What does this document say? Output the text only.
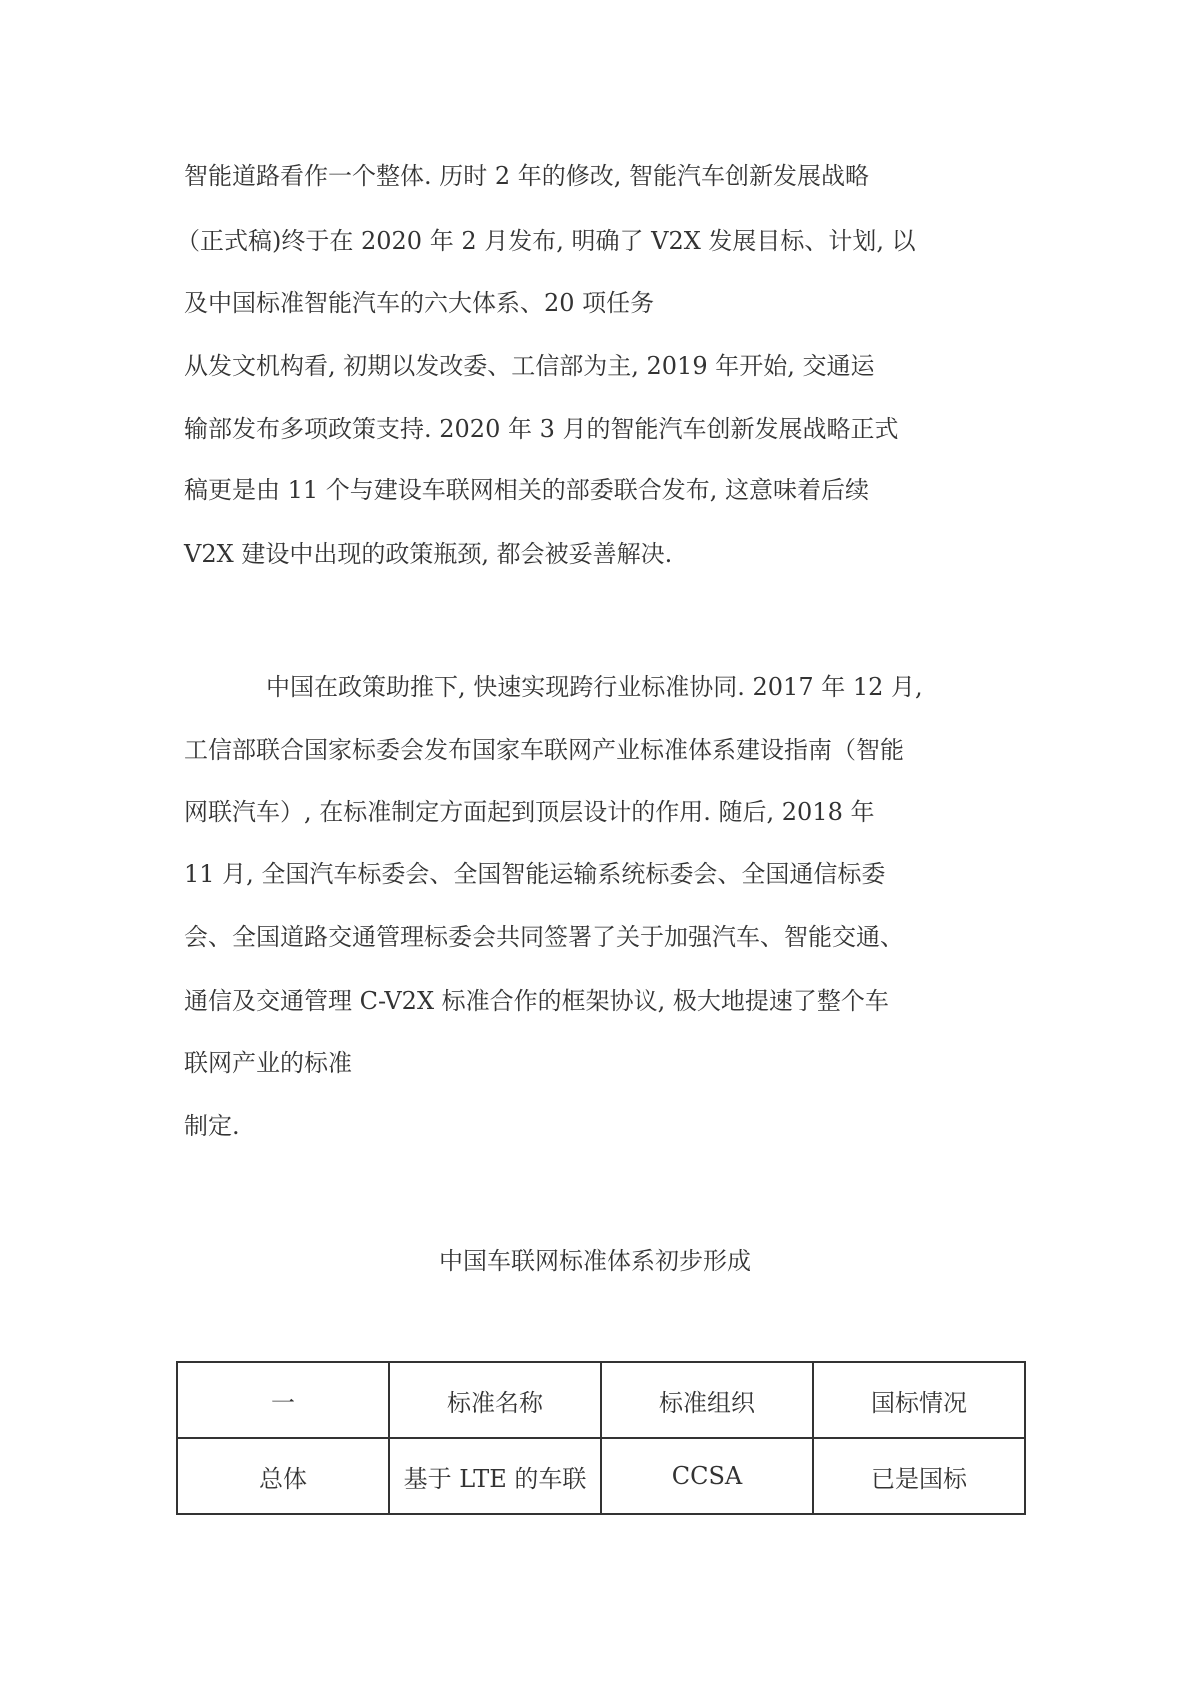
智能道路看作一个整体. 历时 2 年的修改, 智能汽车创新发展战略
（正式稿)终于在 2020 年 2 月发布, 明确了 V2X 发展目标、计划, 以
及中国标准智能汽车的六大体系、20 项任务
从发文机构看, 初期以发改委、工信部为主, 2019 年开始, 交通运
输部发布多项政策支持. 2020 年 3 月的智能汽车创新发展战略正式
稿更是由 11 个与建设车联网相关的部委联合发布, 这意味着后续
V2X 建设中出现的政策瓶颈, 都会被妥善解决.
中国在政策助推下, 快速实现跨行业标准协同. 2017 年 12 月,
工信部联合国家标委会发布国家车联网产业标准体系建设指南（智能
网联汽车）, 在标准制定方面起到顶层设计的作用. 随后, 2018 年
11 月, 全国汽车标委会、全国智能运输系统标委会、全国通信标委
会、全国道路交通管理标委会共同签署了关于加强汽车、智能交通、
通信及交通管理 C-V2X 标准合作的框架协议, 极大地提速了整个车
联网产业的标准
制定.
中国车联网标准体系初步形成
一	标准名称	标准组织	国标情况
总体	基于 LTE 的车联	CCSA	已是国标
